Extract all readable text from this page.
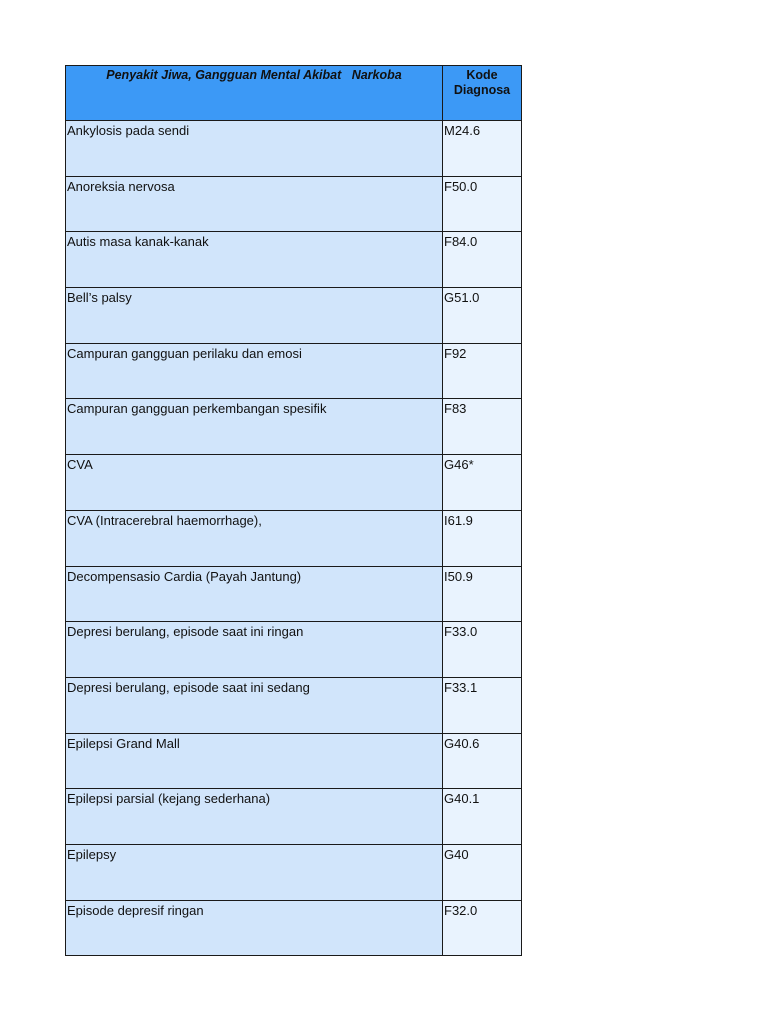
Penyakit Jiwa, Gangguan Mental Akibat   Narkoba	Kode
Diagnosa
Ankylosis pada sendi	M24.6
Anoreksia nervosa	F50.0
Autis masa kanak-kanak	F84.0
Bell’s palsy	G51.0
Campuran gangguan perilaku dan emosi	F92
Campuran gangguan perkembangan spesifik	F83
CVA	G46*
CVA (Intracerebral haemorrhage),	I61.9
Decompensasio Cardia (Payah Jantung)	I50.9
Depresi berulang, episode saat ini ringan	F33.0
Depresi berulang, episode saat ini sedang	F33.1
Epilepsi Grand Mall	G40.6
Epilepsi parsial (kejang sederhana)	G40.1
Epilepsy	G40
Episode depresif ringan	F32.0
